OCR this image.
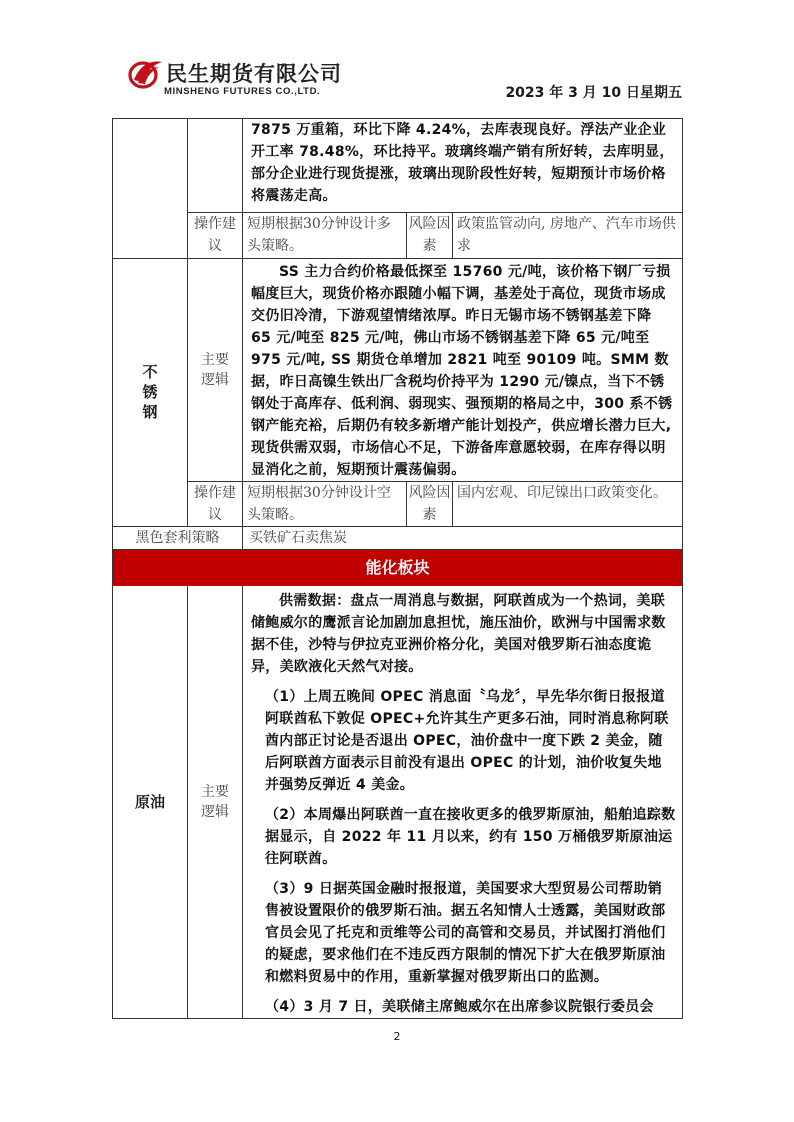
民生期货有限公司
MINSHENG FUTURES CO.,LTD.	2023 年 3 月 10 日星期五
		7875 万重箱，环比下降 4.24%，去库表现良好。浮法产业企业开工率 78.48%，环比持平。玻璃终端产销有所好转，去库明显，部分企业进行现货提涨，玻璃出现阶段性好转，短期预计市场价格将震荡走高。		
	操作建议	短期根据30分钟设计多头策略。	风险因素	政策监管动向, 房地产、汽车市场供求
不锈钢	主要逻辑	SS 主力合约价格最低探至 15760 元/吨，该价格下钢厂亏损幅度巨大，现货价格亦跟随小幅下调，基差处于高位，现货市场成交仍旧冷清，下游观望情绪浓厚。昨日无锡市场不锈钢基差下降 65 元/吨至 825 元/吨，佛山市场不锈钢基差下降 65 元/吨至 975 元/吨, SS 期货仓单增加 2821 吨至 90109 吨。SMM 数据，昨日高镍生铁出厂含税均价持平为 1290 元/镍点，当下不锈钢处于高库存、低利润、弱现实、强预期的格局之中，300 系不锈钢产能充裕，后期仍有较多新增产能计划投产，供应增长潜力巨大,现货供需双弱，市场信心不足，下游备库意愿较弱，在库存得以明显消化之前，短期预计震荡偏弱。		
	操作建议	短期根据30分钟设计空头策略。	风险因素	国内宏观、印尼镍出口政策变化。
黑色套利策略		买铁矿石卖焦炭		
能化板块				
原油	主要逻辑	供需数据：盘点一周消息与数据，阿联酋成为一个热词，美联储鲍威尔的鹰派言论加剧加息担忧，施压油价，欧洲与中国需求数据不佳，沙特与伊拉克亚洲价格分化，美国对俄罗斯石油态度诡异，美欧液化天然气对接。

（1）上周五晚间 OPEC 消息面〝乌龙〞，早先华尔街日报报道阿联酋私下敦促 OPEC+允许其生产更多石油，同时消息称阿联酋内部正讨论是否退出 OPEC，油价盘中一度下跌 2 美金，随后阿联酋方面表示目前没有退出 OPEC 的计划，油价收复失地并强势反弹近 4 美金。

（2）本周爆出阿联酋一直在接收更多的俄罗斯原油，船舶追踪数据显示，自 2022 年 11 月以来，约有 150 万桶俄罗斯原油运往阿联酋。

（3）9 日据英国金融时报报道，美国要求大型贸易公司帮助销售被设置限价的俄罗斯石油。据五名知情人士透露，美国财政部官员会见了托克和贡维等公司的高管和交易员，并试图打消他们的疑虑，要求他们在不违反西方限制的情况下扩大在俄罗斯原油和燃料贸易中的作用，重新掌握对俄罗斯出口的监测。

（4）3 月 7 日，美联储主席鲍威尔在出席参议院银行委员会		

2
